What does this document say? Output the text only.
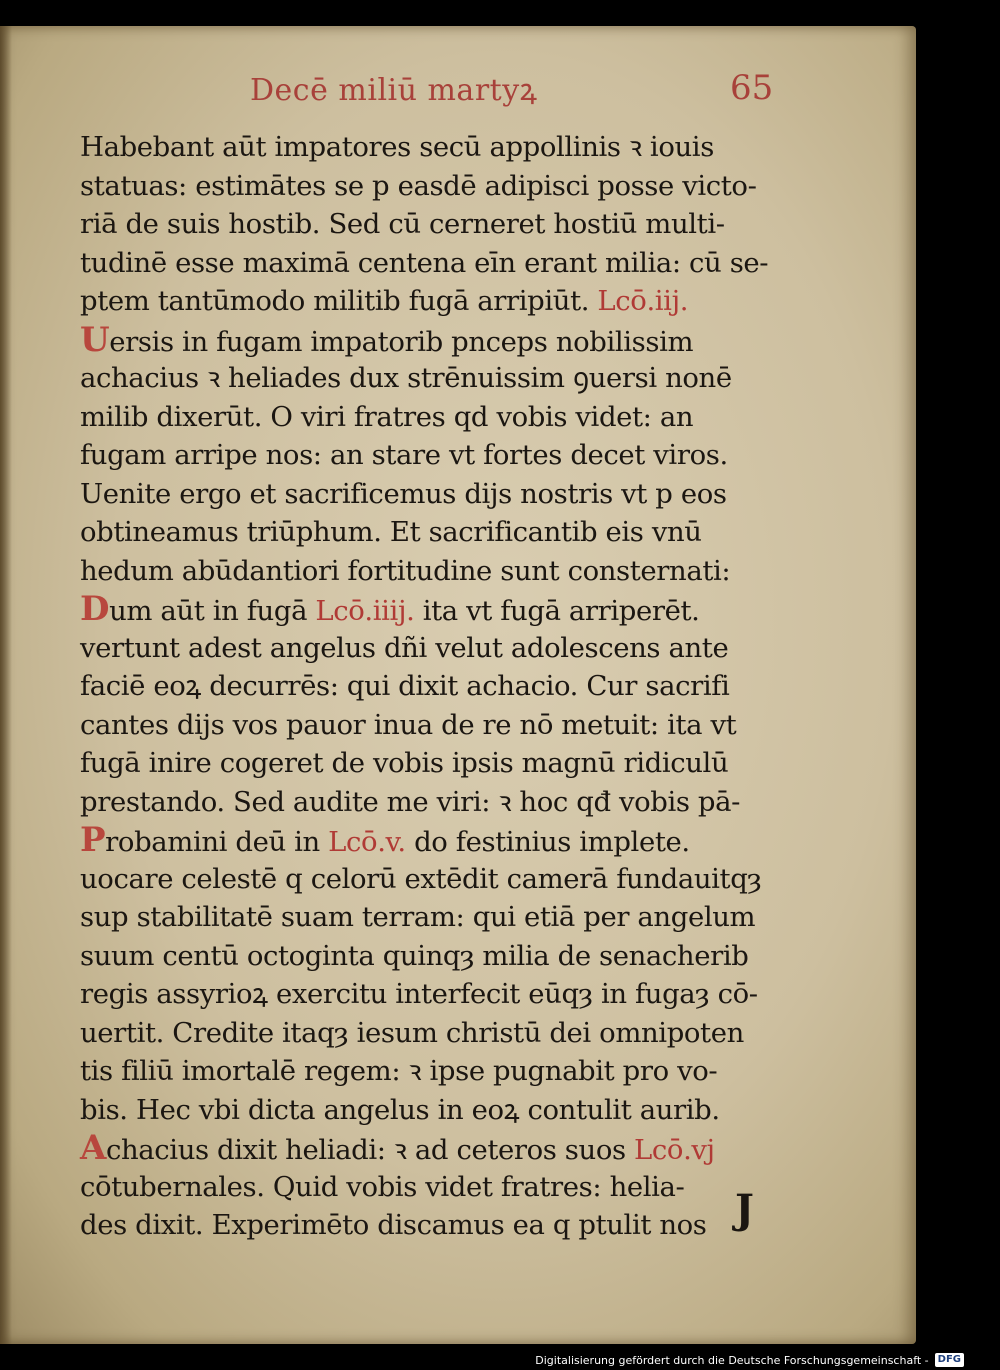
Decē miliū martyꝝ	65
Habebant aūt impatores secū appollinis ꝛ iouis
statuas: estimātes se p easdē adipisci posse victo-
riā de suis hostib. Sed cū cerneret hostiū multi-
tudinē esse maximā centena eīn erant milia: cū se-
ptem tantūmodo militib fugā arripiūt. Lcō.iij.
Uersis in fugam impatorib pnceps nobilissim
achacius ꝛ heliades dux strēnuissim ꝯuersi nonē
milib dixerūt. O viri fratres qd vobis videt: an
fugam arripe nos: an stare vt fortes decet viros.
Uenite ergo et sacrificemus dijs nostris vt p eos
obtineamus triūphum. Et sacrificantib eis vnū
hedum abūdantiori fortitudine sunt consternati:
Dum aūt in fugā Lcō.iiij. ita vt fugā arriperēt.
vertunt adest angelus dñi velut adolescens ante
faciē eoꝝ decurrēs: qui dixit achacio. Cur sacrifi
cantes dijs vos pauor inua de re nō metuit: ita vt
fugā inire cogeret de vobis ipsis magnū ridiculū
prestando. Sed audite me viri: ꝛ hoc qđ vobis pā-
Probamini deū in Lcō.v. do festinius implete.
uocare celestē q celorū extēdit camerā fundauitqȝ
sup stabilitatē suam terram: qui etiā per angelum
suum centū octoginta quinqȝ milia de senacherib
regis assyrioꝝ exercitu interfecit eūqȝ in fugaȝ cō-
uertit. Credite itaqȝ iesum christū dei omnipoten
tis filiū imortalē regem: ꝛ ipse pugnabit pro vo-
bis. Hec vbi dicta angelus in eoꝝ contulit aurib.
Achacius dixit heliadi: ꝛ ad ceteros suos Lcō.vj
cōtubernales. Quid vobis videt fratres: helia-
des dixit. Experimēto discamus ea q ptulit nos J
Digitalisierung gefördert durch die Deutsche Forschungsgemeinschaft - DFG
